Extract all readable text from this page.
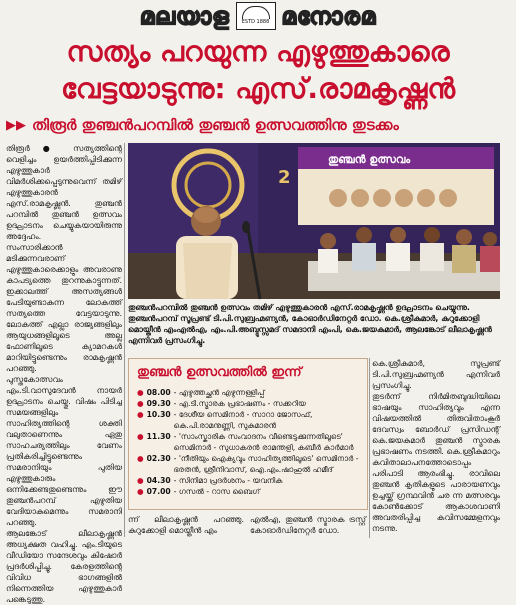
മലയാള ESTD 1888 മനോരമ
സത്യം പറയുന്ന എഴുത്തുകാരെ
വേട്ടയാടുന്നു: എസ്.രാമകൃഷ്ണൻ
▶▶ തിരൂർ തുഞ്ചൻപറമ്പിൽ തുഞ്ചൻ ഉത്സവത്തിനു തുടക്കം

തിരൂർ ● സത്യത്തിന്റെ വെളിച്ചം ഉയർത്തിപ്പിടിക്കുന്ന എഴുത്തുകാർ വിമർശിക്കപ്പെടുന്നുവെന്ന് തമിഴ് എഴുത്തുകാരൻ എസ്.രാമകൃഷ്ണൻ. തുഞ്ചൻ പറമ്പിൽ തുഞ്ചൻ ഉത്സവം ഉദ്ഘാടനം ചെയ്യുകയായിരുന്നു അദ്ദേഹം.

സംസാരിക്കാൻ മടിക്കുന്നവരാണ് എഴുത്തുകാരെക്കാളും അവരാണു കാപട്യത്തെ തുറന്നുകാട്ടുന്നത്. ഇക്കാലത്ത് അസത്യങ്ങൾ പേടിയുണ്ടാകുന്ന ലോകത്ത് സത്യത്തെ വേട്ടയാടുന്നു. ലോകത്ത് എല്ലാ രാജ്യങ്ങളിലും ആയുധങ്ങളിലൂടെ അല്ല ഫോണിലൂടെ ക്യാമറകൾ മാറിയിട്ടുണ്ടെന്നും രാമകൃഷ്ണൻ പറഞ്ഞു.

പുസ്തകോത്സവം എം.ടി.വാസുദേവൻ നായർ ഉദ്ഘാടനം ചെയ്തു. വിഷം പിടിച്ച സമയങ്ങളിലും സാഹിത്യത്തിന്റെ ശക്തി വലുതാണെന്നും ഏതു സാഹചര്യത്തിലും വേണം പ്രതികരിച്ചിട്ടുണ്ടെന്നും സമരാനിയും പുതിയ എഴുത്തുകാരും ഒന്നിക്കേണ്ടതുണ്ടെന്നും ഈ തുഞ്ചൻപറമ്പ് എഴുതിയ വേദിയാകുമെന്നും സമരാനി പറഞ്ഞു.

ആലങ്കോട് ലീലാകൃഷ്ണൻ അധ്യക്ഷത വഹിച്ചു. എം.ടിയുടെ വീഡിയോ സന്ദേശവും കിഷോർ പ്രദർശിപ്പിച്ചു. കേരളത്തിന്റെ വിവിധ ഭാഗങ്ങളിൽ നിന്നെത്തിയ എഴുത്തുകാർ പങ്കെടുത്തു.

തുഞ്ചൻ ഉത്സവം
2
തുഞ്ചൻപറമ്പിൽ തുഞ്ചൻ ഉത്സവം തമിഴ് എഴുത്തുകാരൻ എസ്.രാമകൃഷ്ണൻ ഉദ്ഘാടനം ചെയ്യുന്നു. തുഞ്ചൻപറമ്പ് സൂപ്രണ്ട് ടി.പി.സുബ്രഹ്മണ്യൻ, കോഓർഡിനേറ്റർ ഡോ. കെ.ശ്രീകുമാർ, കുറുക്കോളി മൊയ്തീൻ എംഎൽഎ, എം.പി.അബ്ദുസ്സമദ് സമദാനി എംപി, കെ.ജയകുമാർ, ആലങ്കോട് ലീലാകൃഷ്ണൻ എന്നിവർ പ്രസംഗിച്ചു.
തുഞ്ചൻ ഉത്സവത്തിൽ ഇന്ന്
● 08.00 - എഴുത്തച്ഛൻ എഴുന്നള്ളിപ്പ്
● 09.30 - എ.ടി.സ്മാരക പ്രഭാഷണം - സക്കറിയ
● 10.30 - ദേശീയ സെമിനാർ - സാറാ ജോസഫ്, കെ.പി.രാമനുണ്ണി, സുകുമാരൻ
● 11.30 - 'സാംസ്കാരിക സംവാദനം വീണ്ടെടുക്കുന്നതിലൂടെ' സെമിനാർ - സുധാകരൻ രാമന്തളി, കബീർ കാർമാർ
● 02.30 - 'നീതിയും ഐക്യവും സാഹിത്യത്തിലൂടെ' സെമിനാർ - ഭരതൻ, ശ്രീനിവാസ്, ഐ.എം.ഷാഹുൽ ഹമീദ്
● 04.30 - സിനിമാ പ്രദർശനം - യവനിക
● 07.00 - ഗസൽ - റാസ ബൈഗ്
ന്ന് ലീലാകൃഷ്ണൻ പറഞ്ഞു. കുറുക്കോളി മൊയ്തീൻ എം
എൽഎ, തുഞ്ചൻ സ്മാരക ട്രസ്റ്റ് കോഓർഡിനേറ്റർ ഡോ.

കെ.ശ്രീകുമാർ, സൂപ്രണ്ട് ടി.പി.സുബ്രഹ്മണ്യൻ എന്നിവർ പ്രസംഗിച്ചു.

തുടർന്ന് നിർമിതബുദ്ധിയിലെ ഭാഷയും സാഹിത്യവും എന്ന വിഷയത്തിൽ തിരുവിതാംകൂർ ദേവസ്വം ബോർഡ് പ്രസിഡന്റ് കെ.ജയകുമാർ തുഞ്ചൻ സ്മാരക പ്രഭാഷണം നടത്തി. കെ.ശ്രീകുമാറും കവിതാലാപനത്തോടൊപ്പം പരിപാടി ആരംഭിച്ചു. രാവിലെ തുഞ്ചൻ കൃതികളുടെ പാരായണവും ഉച്ചയ്ക്ക് ഗ്രന്ഥവിൻ ചര ന്ന മത്സരവും കോൺക്കോട് ആകാശവാണി അവതരിപ്പിച്ച കവിസമ്മേളനവും നടന്നു.
